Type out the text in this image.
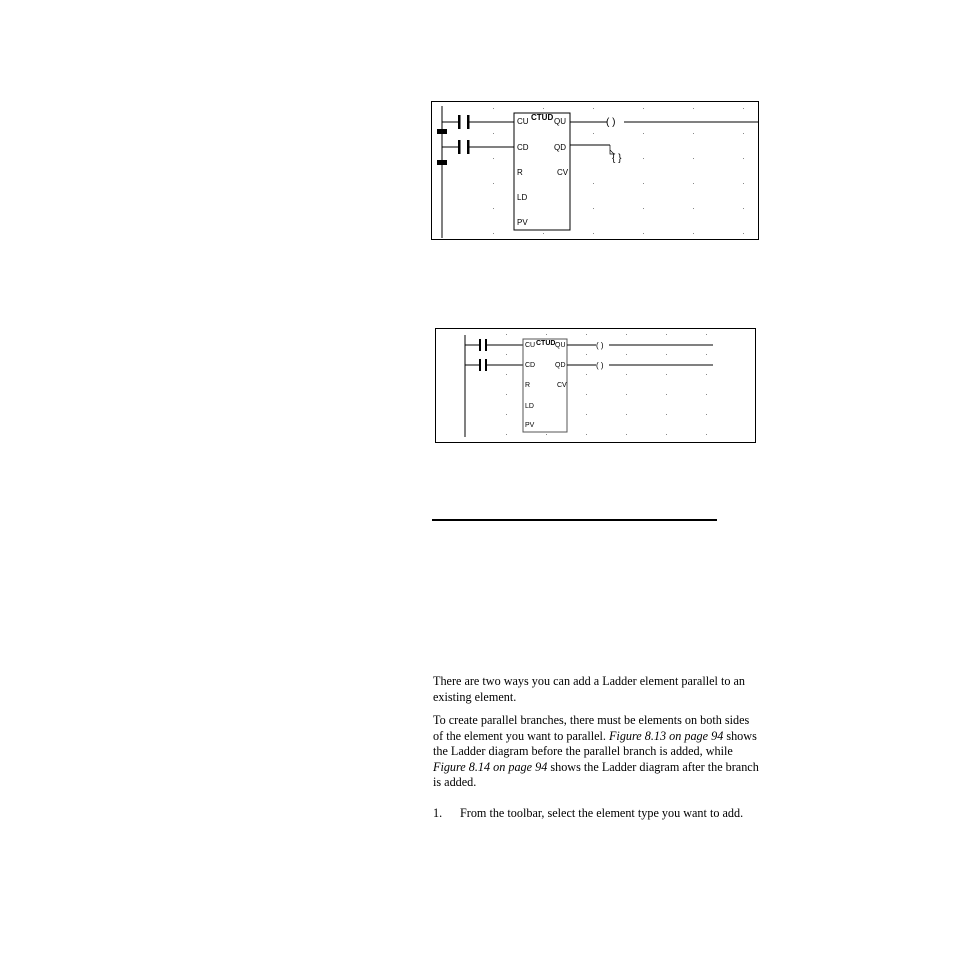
CTUD
CU
CD
R
LD
PV
QU
QD
CV
( )
{ }
CTUD
CU
CD
R
LD
PV
QU
QD
CV
( )
( )

There are two ways you can add a Ladder element parallel to an existing element.

To create parallel branches, there must be elements on both sides of the element you want to parallel. Figure 8.13 on page 94 shows the Ladder diagram before the parallel branch is added, while Figure 8.14 on page 94 shows the Ladder diagram after the branch is added.

1. From the toolbar, select the element type you want to add.
